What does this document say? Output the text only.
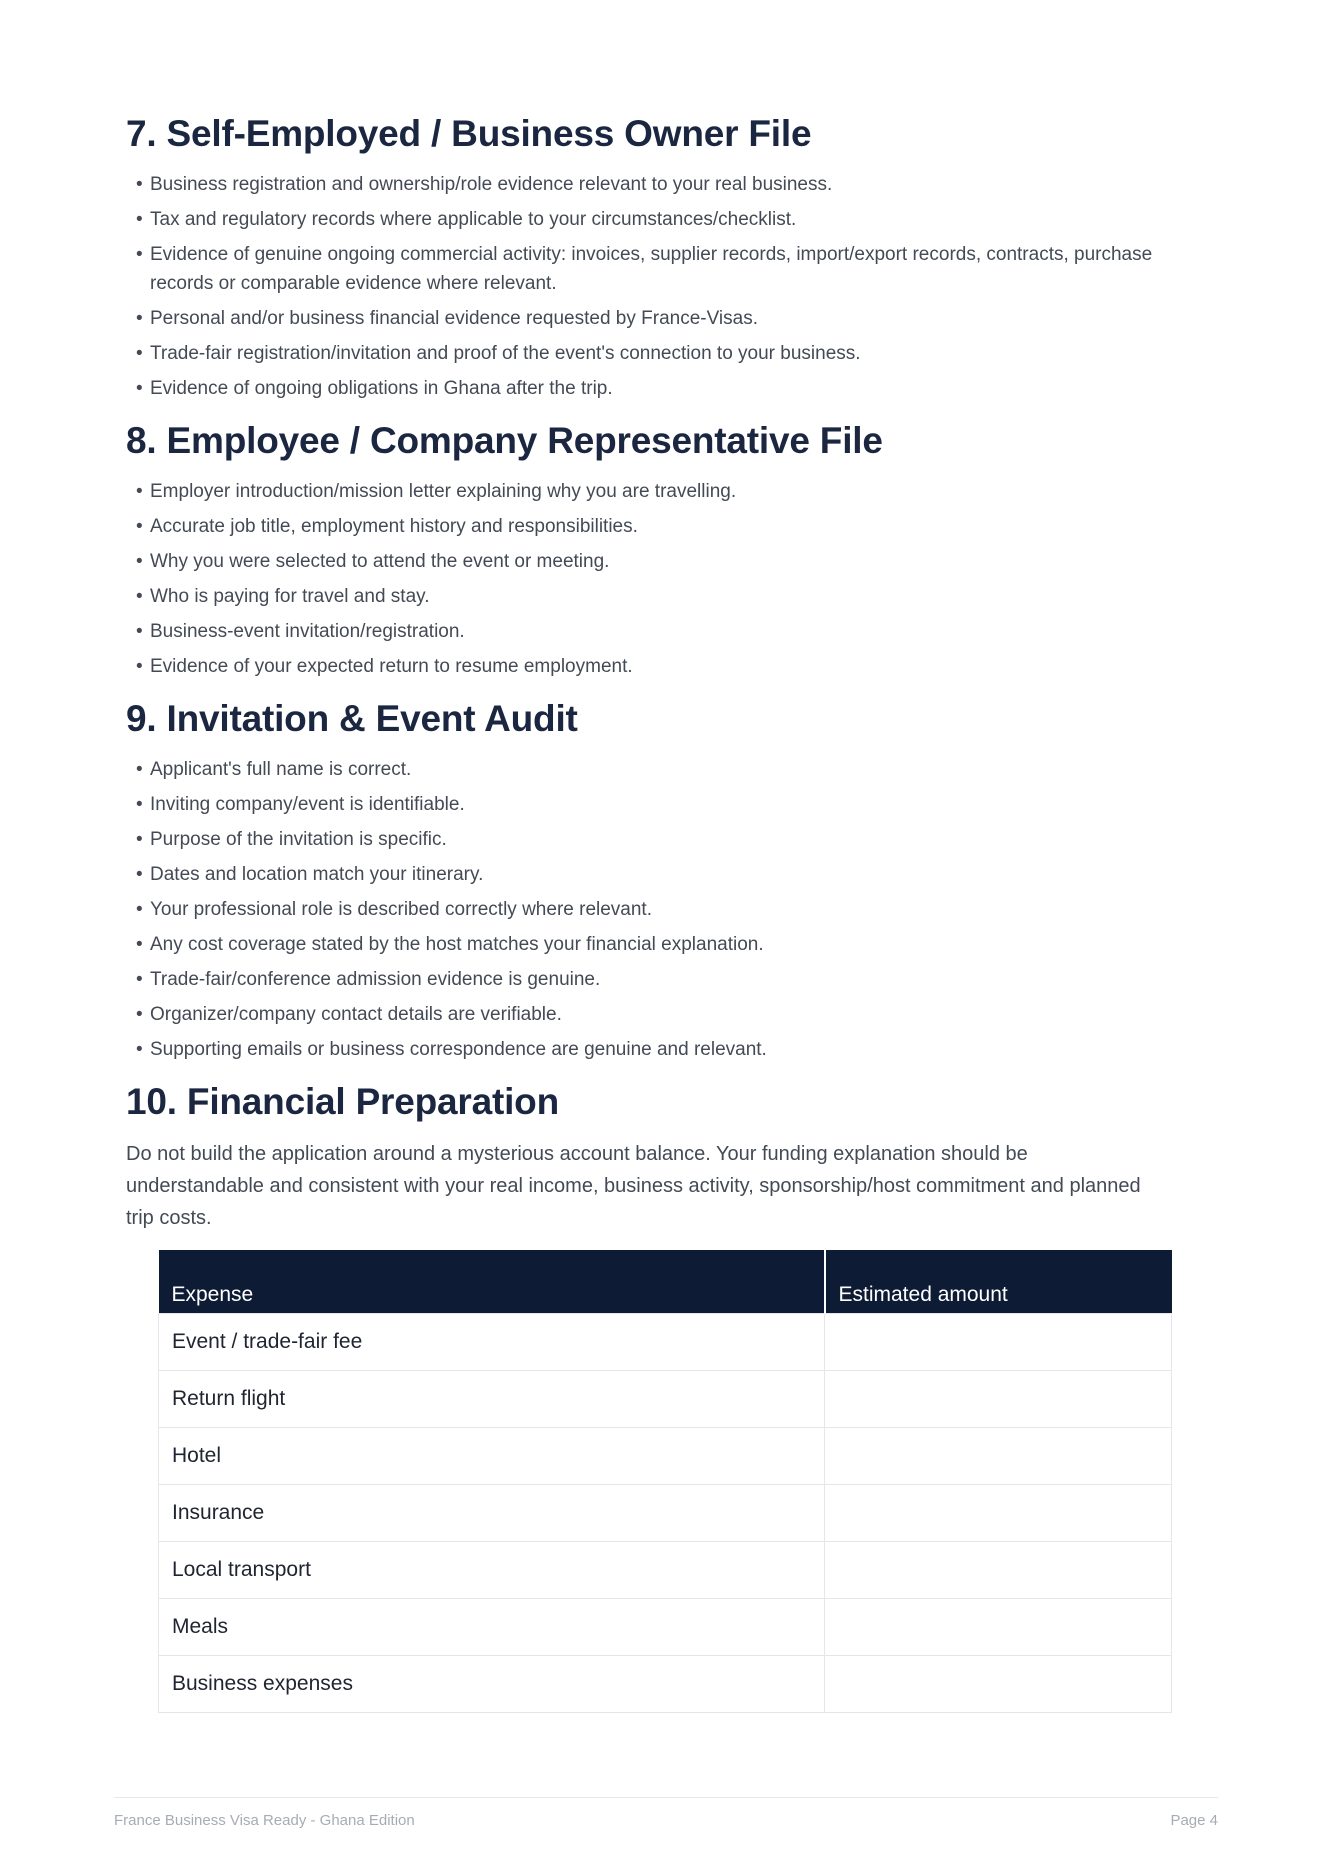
7. Self-Employed / Business Owner File
• Business registration and ownership/role evidence relevant to your real business.
• Tax and regulatory records where applicable to your circumstances/checklist.
• Evidence of genuine ongoing commercial activity: invoices, supplier records, import/export records, contracts, purchase records or comparable evidence where relevant.
• Personal and/or business financial evidence requested by France-Visas.
• Trade-fair registration/invitation and proof of the event's connection to your business.
• Evidence of ongoing obligations in Ghana after the trip.
8. Employee / Company Representative File
• Employer introduction/mission letter explaining why you are travelling.
• Accurate job title, employment history and responsibilities.
• Why you were selected to attend the event or meeting.
• Who is paying for travel and stay.
• Business-event invitation/registration.
• Evidence of your expected return to resume employment.
9. Invitation & Event Audit
• Applicant's full name is correct.
• Inviting company/event is identifiable.
• Purpose of the invitation is specific.
• Dates and location match your itinerary.
• Your professional role is described correctly where relevant.
• Any cost coverage stated by the host matches your financial explanation.
• Trade-fair/conference admission evidence is genuine.
• Organizer/company contact details are verifiable.
• Supporting emails or business correspondence are genuine and relevant.
10. Financial Preparation

Do not build the application around a mysterious account balance. Your funding explanation should be understandable and consistent with your real income, business activity, sponsorship/host commitment and planned trip costs.

Expense	Estimated amount
Event / trade-fair fee	
Return flight	
Hotel	
Insurance	
Local transport	
Meals	
Business expenses	
France Business Visa Ready - Ghana Edition	Page 4
